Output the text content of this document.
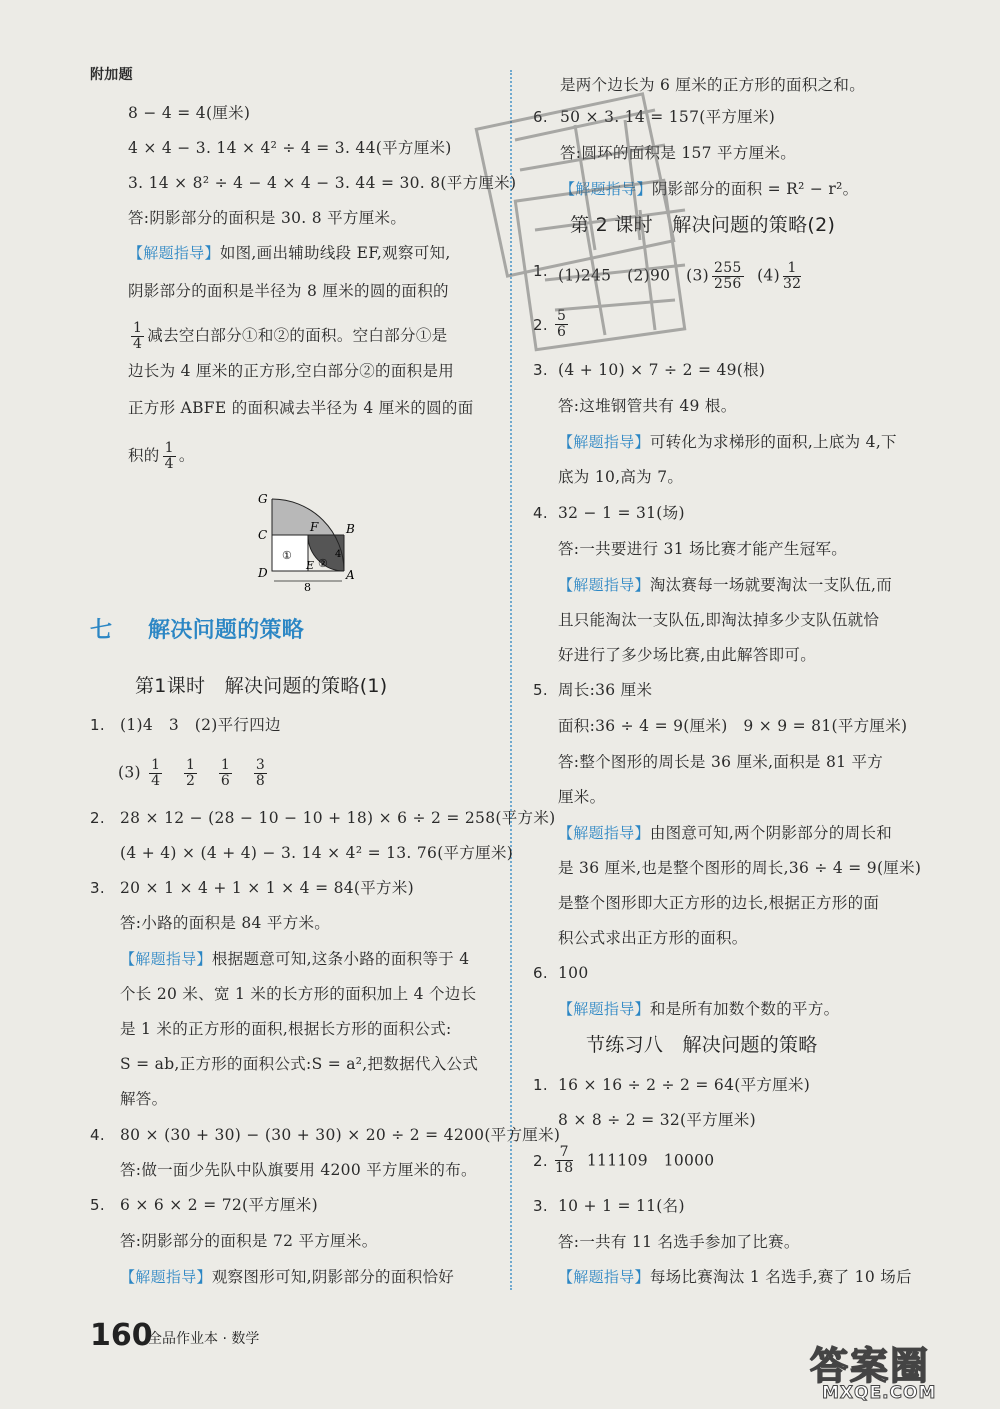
附加题
8 − 4 = 4(厘米)
4 × 4 − 3. 14 × 4² ÷ 4 = 3. 44(平方厘米)
3. 14 × 8² ÷ 4 − 4 × 4 − 3. 44 = 30. 8(平方厘米)
答:阴影部分的面积是 30. 8 平方厘米。
【解题指导】如图,画出辅助线段 EF,观察可知,
阴影部分的面积是半径为 8 厘米的圆的面积的
$\frac{1}{4}$ 减去空白部分①和②的面积。空白部分①是
边长为 4 厘米的正方形,空白部分②的面积是用
正方形 ABFE 的面积减去半径为 4 厘米的圆的面
积的 $\frac{1}{4}$ 。
G
F B
C
D
E
A
①
②
4
8
七 解决问题的策略
第1课时　解决问题的策略(1)
1. (1)4　3　(2)平行四边
$(3) \frac{1}{4}$
$\frac{1}{2}$
$\frac{1}{6}$
$\frac{3}{8}$
2. 28 × 12 − (28 − 10 − 10 + 18) × 6 ÷ 2 = 258(平方米)
(4 + 4) × (4 + 4) − 3. 14 × 4² = 13. 76(平方厘米)
3. 20 × 1 × 4 + 1 × 1 × 4 = 84(平方米)
答:小路的面积是 84 平方米。
【解题指导】根据题意可知,这条小路的面积等于 4
个长 20 米、宽 1 米的长方形的面积加上 4 个边长
是 1 米的正方形的面积,根据长方形的面积公式:
S = ab,正方形的面积公式:S = a²,把数据代入公式
解答。
4. 80 × (30 + 30) − (30 + 30) × 20 ÷ 2 = 4200(平方厘米)
答:做一面少先队中队旗要用 4200 平方厘米的布。
5. 6 × 6 × 2 = 72(平方厘米)
答:阴影部分的面积是 72 平方厘米。
【解题指导】观察图形可知,阴影部分的面积恰好
是两个边长为 6 厘米的正方形的面积之和。
6. 50 × 3. 14 = 157(平方厘米)
答:圆环的面积是 157 平方厘米。
【解题指导】阴影部分的面积 = R² − r²。
第 2 课时　解决问题的策略(2)
1. (1)245　(2)90　$(3) \frac{255}{256} (4) \frac{1}{32}$
2. $\frac{5}{6}$
3. (4 + 10) × 7 ÷ 2 = 49(根)
答:这堆钢管共有 49 根。
【解题指导】可转化为求梯形的面积,上底为 4,下
底为 10,高为 7。
4. 32 − 1 = 31(场)
答:一共要进行 31 场比赛才能产生冠军。
【解题指导】淘汰赛每一场就要淘汰一支队伍,而
且只能淘汰一支队伍,即淘汰掉多少支队伍就恰
好进行了多少场比赛,由此解答即可。
5. 周长:36 厘米
面积:36 ÷ 4 = 9(厘米)　9 × 9 = 81(平方厘米)
答:整个图形的周长是 36 厘米,面积是 81 平方
厘米。
【解题指导】由图意可知,两个阴影部分的周长和
是 36 厘米,也是整个图形的周长,36 ÷ 4 = 9(厘米)
是整个图形即大正方形的边长,根据正方形的面
积公式求出正方形的面积。
6. 100
【解题指导】和是所有加数个数的平方。
节练习八　解决问题的策略
1. 16 × 16 ÷ 2 ÷ 2 = 64(平方厘米)
8 × 8 ÷ 2 = 32(平方厘米)
2. $\frac{7}{18} 111109$　10000
3. 10 + 1 = 11(名)
答:一共有 11 名选手参加了比赛。
【解题指导】每场比赛淘汰 1 名选手,赛了 10 场后
160
全品作业本 · 数学
答案圈
MXQE.COM
